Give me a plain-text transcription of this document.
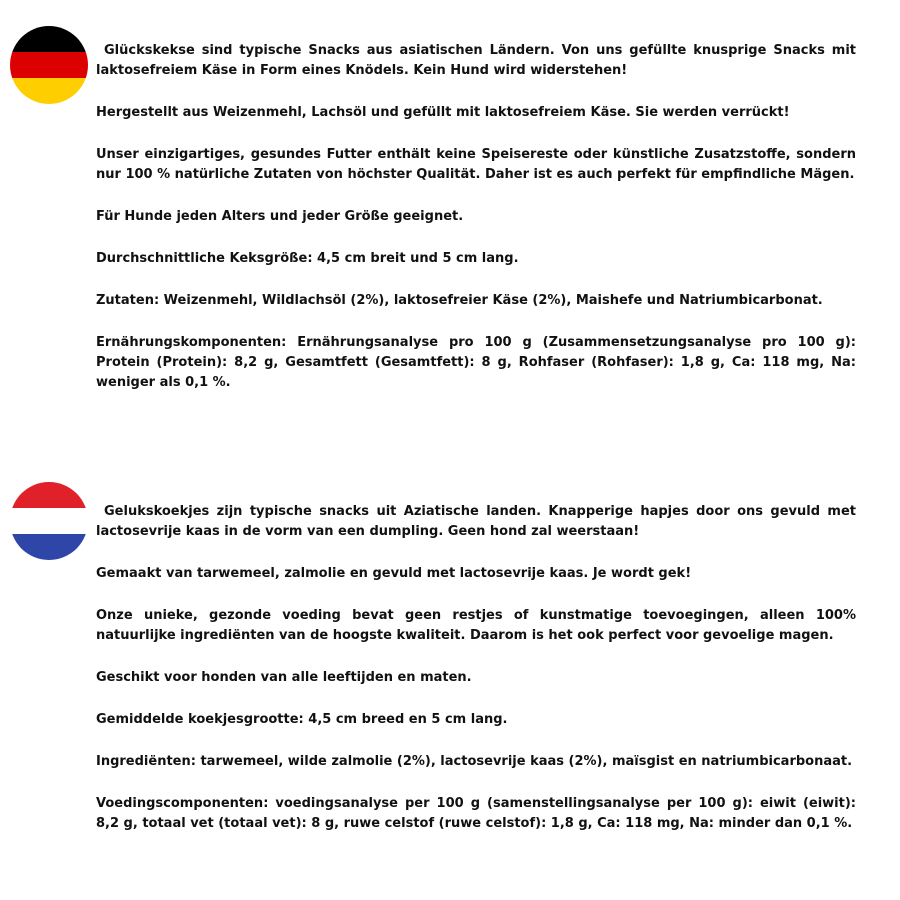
Glückskekse sind typische Snacks aus asiatischen Ländern. Von uns gefüllte knusprige Snacks mit laktosefreiem Käse in Form eines Knödels. Kein Hund wird widerstehen!

Hergestellt aus Weizenmehl, Lachsöl und gefüllt mit laktosefreiem Käse. Sie werden verrückt!

Unser einzigartiges, gesundes Futter enthält keine Speisereste oder künstliche Zusatzstoffe, sondern nur 100 % natürliche Zutaten von höchster Qualität. Daher ist es auch perfekt für empfindliche Mägen.

Für Hunde jeden Alters und jeder Größe geeignet.

Durchschnittliche Keksgröße: 4,5 cm breit und 5 cm lang.

Zutaten: Weizenmehl, Wildlachsöl (2%), laktosefreier Käse (2%), Maishefe und Natriumbicarbonat.

Ernährungskomponenten: Ernährungsanalyse pro 100 g (Zusammensetzungsanalyse pro 100 g): Protein (Protein): 8,2 g, Gesamtfett (Gesamtfett): 8 g, Rohfaser (Rohfaser): 1,8 g, Ca: 118 mg, Na: weniger als 0,1 %.

Gelukskoekjes zijn typische snacks uit Aziatische landen. Knapperige hapjes door ons gevuld met lactosevrije kaas in de vorm van een dumpling. Geen hond zal weerstaan!

Gemaakt van tarwemeel, zalmolie en gevuld met lactosevrije kaas. Je wordt gek!

Onze unieke, gezonde voeding bevat geen restjes of kunstmatige toevoegingen, alleen 100% natuurlijke ingrediënten van de hoogste kwaliteit. Daarom is het ook perfect voor gevoelige magen.

Geschikt voor honden van alle leeftijden en maten.

Gemiddelde koekjesgrootte: 4,5 cm breed en 5 cm lang.

Ingrediënten: tarwemeel, wilde zalmolie (2%), lactosevrije kaas (2%), maïsgist en natriumbicarbonaat.

Voedingscomponenten: voedingsanalyse per 100 g (samenstellingsanalyse per 100 g): eiwit (eiwit): 8,2 g, totaal vet (totaal vet): 8 g, ruwe celstof (ruwe celstof): 1,8 g, Ca: 118 mg, Na: minder dan 0,1 %.
